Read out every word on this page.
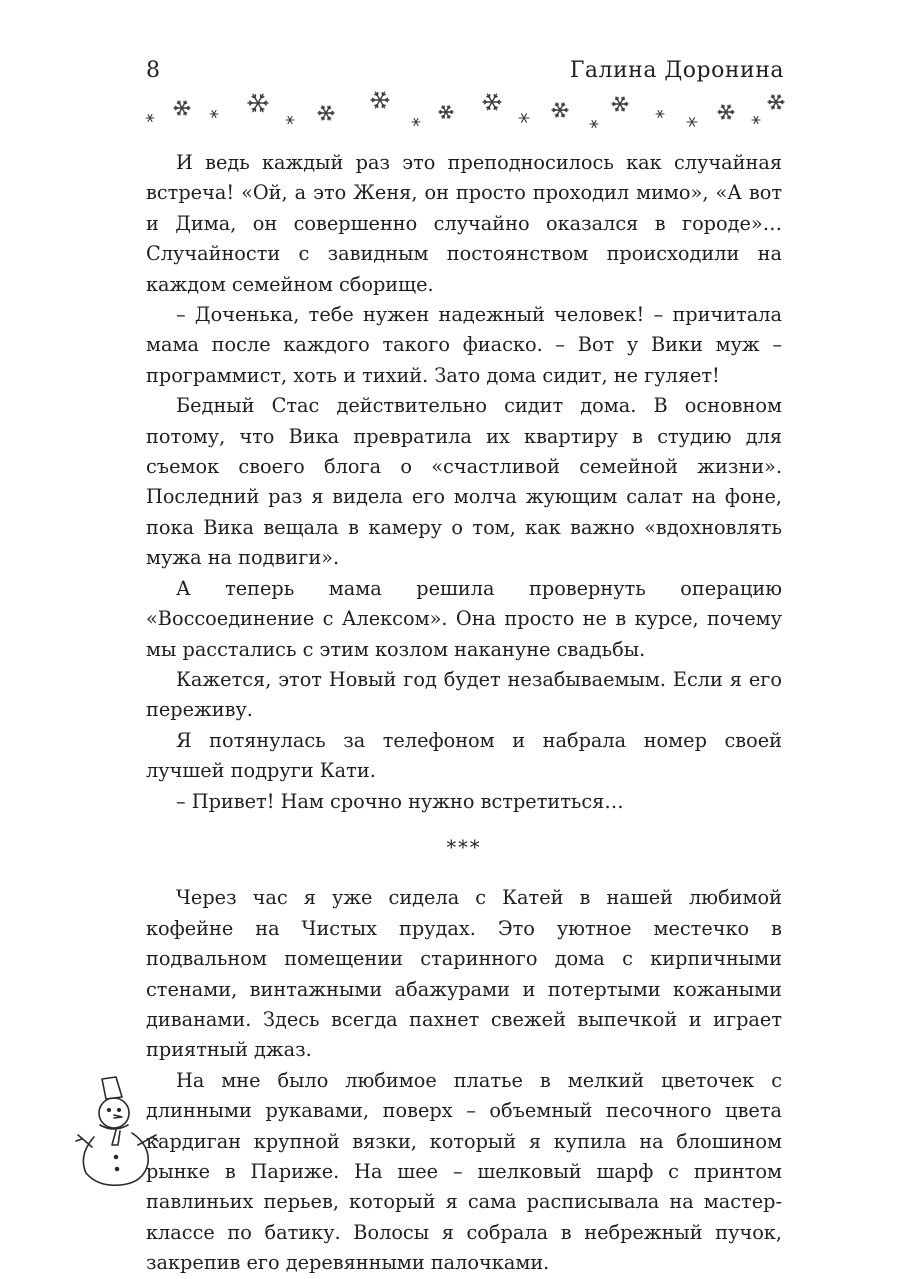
8	Галина Доронина

И ведь каждый раз это преподносилось как случайная встреча! «Ой, а это Женя, он просто проходил мимо», «А вот и Дима, он совершенно случайно оказался в городе»… Случайности с завидным постоянством происходили на каждом семейном сборище.

– Доченька, тебе нужен надежный человек! – причитала мама после каждого такого фиаско. – Вот у Вики муж – программист, хоть и тихий. Зато дома сидит, не гуляет!

Бедный Стас действительно сидит дома. В основном потому, что Вика превратила их квартиру в студию для съемок своего блога о «счастливой семейной жизни». Последний раз я видела его молча жующим салат на фоне, пока Вика вещала в камеру о том, как важно «вдохновлять мужа на подвиги».

А теперь мама решила провернуть операцию «Воссоединение с Алексом». Она просто не в курсе, почему мы расстались с этим козлом накануне свадьбы.

Кажется, этот Новый год будет незабываемым. Если я его переживу.

Я потянулась за телефоном и набрала номер своей лучшей подруги Кати.

– Привет! Нам срочно нужно встретиться…

***

Через час я уже сидела с Катей в нашей любимой кофейне на Чистых прудах. Это уютное местечко в подвальном помещении старинного дома с кирпичными стенами, винтажными абажурами и потертыми кожаными диванами. Здесь всегда пахнет свежей выпечкой и играет приятный джаз.

На мне было любимое платье в мелкий цветочек с длинными рукавами, поверх – объемный песочного цвета кардиган крупной вязки, который я купила на блошином рынке в Париже. На шее – шелковый шарф с принтом павлиньих перьев, который я сама расписывала на мастер-классе по батику. Волосы я собрала в небрежный пучок, закрепив его деревянными палочками.
